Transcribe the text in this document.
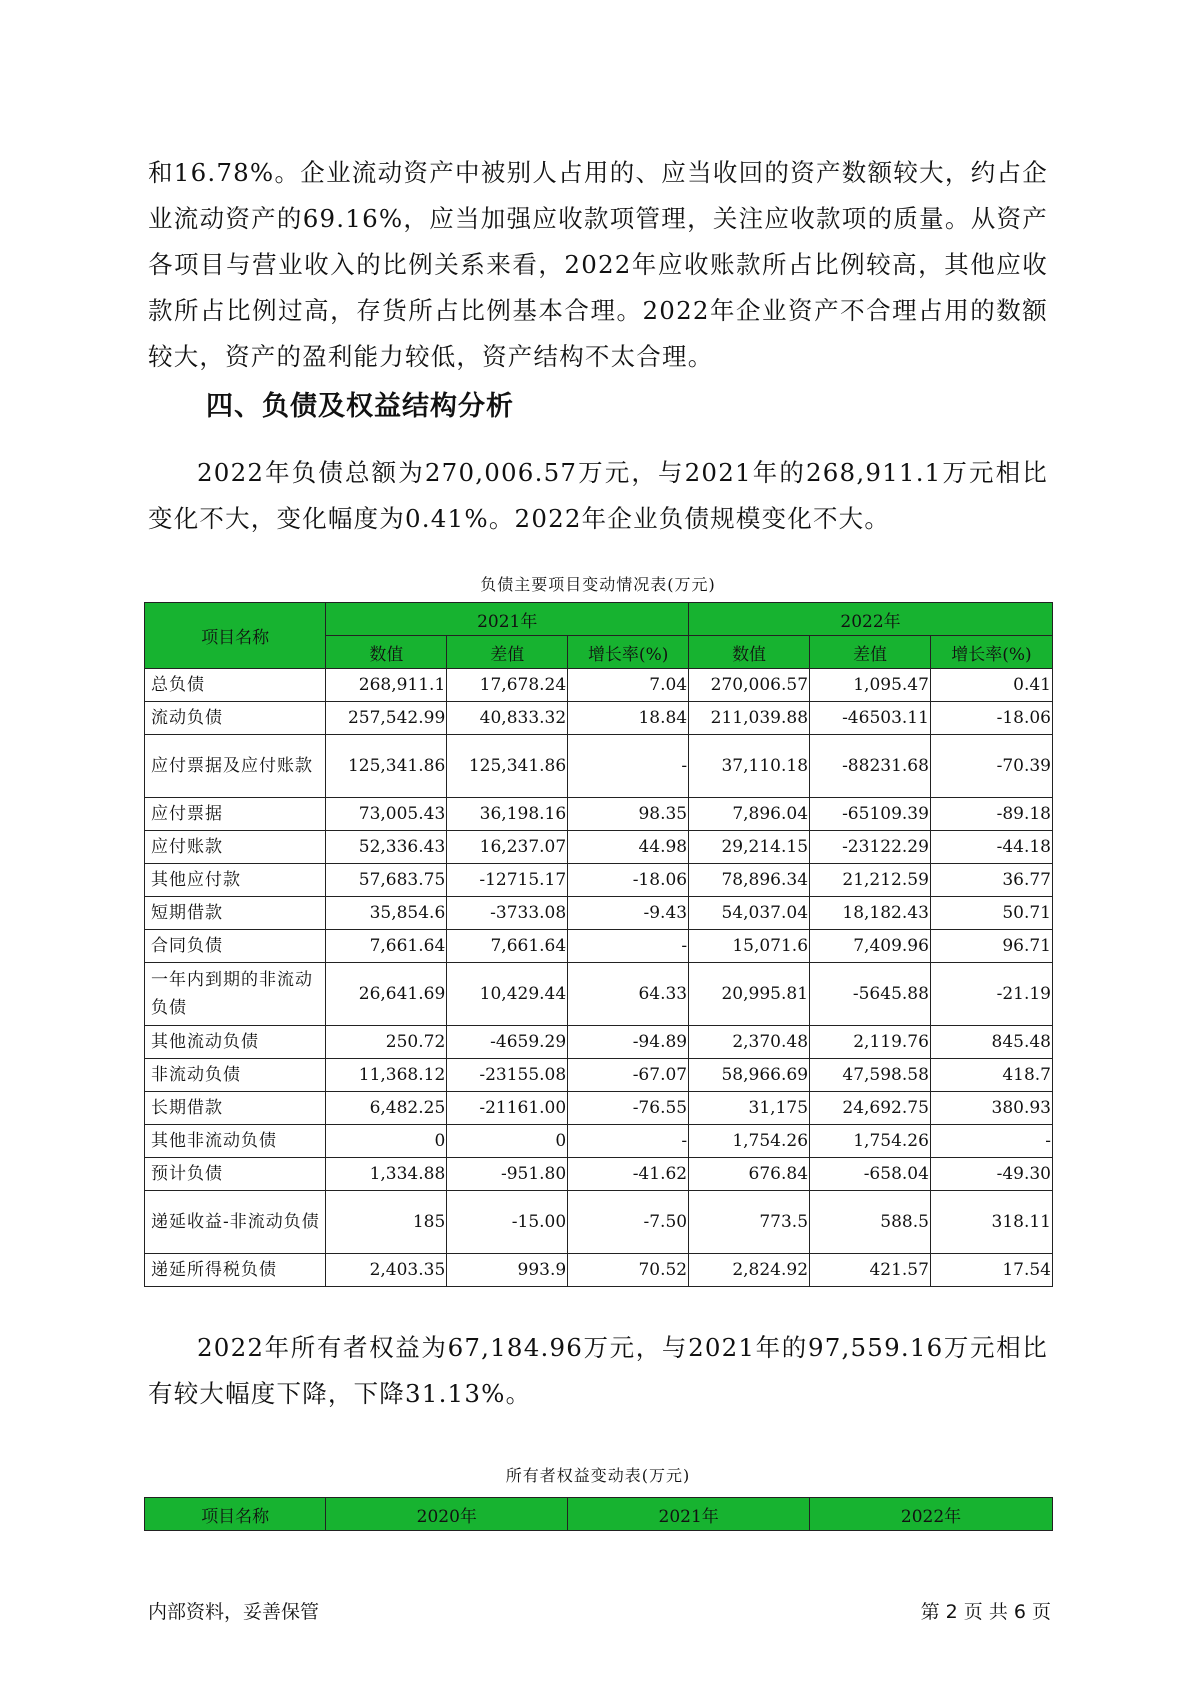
和16.78%。企业流动资产中被别人占用的、应当收回的资产数额较大，约占企业流动资产的69.16%，应当加强应收款项管理，关注应收款项的质量。从资产各项目与营业收入的比例关系来看，2022年应收账款所占比例较高，其他应收款所占比例过高，存货所占比例基本合理。2022年企业资产不合理占用的数额较大，资产的盈利能力较低，资产结构不太合理。
四、负债及权益结构分析
2022年负债总额为270,006.57万元，与2021年的268,911.1万元相比变化不大，变化幅度为0.41%。2022年企业负债规模变化不大。
负债主要项目变动情况表(万元)
项目名称	2021年			2022年		
	数值	差值	增长率(%)	数值	差值	增长率(%)
总负债	268,911.1	17,678.24	7.04	270,006.57	1,095.47	0.41
流动负债	257,542.99	40,833.32	18.84	211,039.88	-46503.11	-18.06
应付票据及应付账款	125,341.86	125,341.86	-	37,110.18	-88231.68	-70.39
应付票据	73,005.43	36,198.16	98.35	7,896.04	-65109.39	-89.18
应付账款	52,336.43	16,237.07	44.98	29,214.15	-23122.29	-44.18
其他应付款	57,683.75	-12715.17	-18.06	78,896.34	21,212.59	36.77
短期借款	35,854.6	-3733.08	-9.43	54,037.04	18,182.43	50.71
合同负债	7,661.64	7,661.64	-	15,071.6	7,409.96	96.71
一年内到期的非流动负债	26,641.69	10,429.44	64.33	20,995.81	-5645.88	-21.19
其他流动负债	250.72	-4659.29	-94.89	2,370.48	2,119.76	845.48
非流动负债	11,368.12	-23155.08	-67.07	58,966.69	47,598.58	418.7
长期借款	6,482.25	-21161.00	-76.55	31,175	24,692.75	380.93
其他非流动负债	0	0	-	1,754.26	1,754.26	-
预计负债	1,334.88	-951.80	-41.62	676.84	-658.04	-49.30
递延收益-非流动负债	185	-15.00	-7.50	773.5	588.5	318.11
递延所得税负债	2,403.35	993.9	70.52	2,824.92	421.57	17.54
2022年所有者权益为67,184.96万元，与2021年的97,559.16万元相比有较大幅度下降，下降31.13%。
所有者权益变动表(万元)
项目名称	2020年	2021年	2022年
内部资料，妥善保管	第 2 页 共 6 页
